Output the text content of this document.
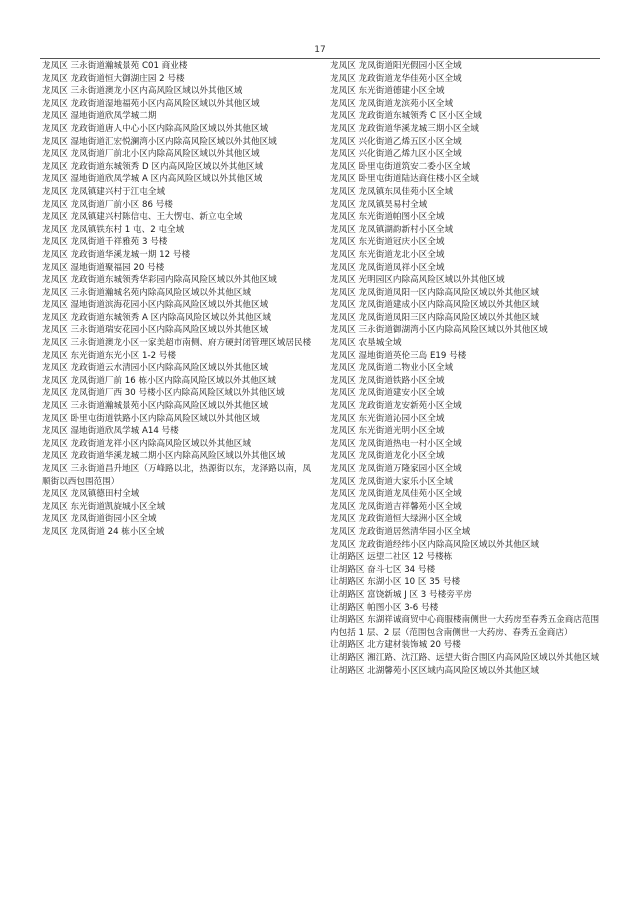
17

龙凤区 三永街道瀚城景苑 C01 商业楼

龙凤区 龙政街道恒大御湖庄园 2 号楼

龙凤区 三永街道澳龙小区内高风险区域以外其他区域

龙凤区 龙政街道湿地福苑小区内高风险区域以外其他区域

龙凤区 湿地街道欣凤学城二期

龙凤区 龙政街道唐人中心小区内除高风险区域以外其他区域

龙凤区 湿地街道汇宏悦澜湾小区内除高风险区域以外其他区域

龙凤区 龙凤街道厂前北小区内除高风险区域以外其他区域

龙凤区 龙政街道东城领秀 D 区内高风险区域以外其他区域

龙凤区 湿地街道欣凤学城 A 区内高风险区域以外其他区域

龙凤区 龙凤镇建兴村于江屯全域

龙凤区 龙凤街道厂前小区 86 号楼

龙凤区 龙凤镇建兴村陈信屯、王大愣屯、新立屯全域

龙凤区 龙凤镇铁东村 1 屯、2 屯全域

龙凤区 龙凤街道千祥雅苑 3 号楼

龙凤区 龙政街道华溪龙城一期 12 号楼

龙凤区 湿地街道聚福园 20 号楼

龙凤区 龙政街道东城领秀华彩园内除高风险区域以外其他区域

龙凤区 三永街道瀚城名苑内除高风险区域以外其他区域

龙凤区 湿地街道滨海花园小区内除高风险区域以外其他区域

龙凤区 龙政街道东城领秀 A 区内除高风险区域以外其他区域

龙凤区 三永街道瑞安花园小区内除高风险区域以外其他区域

龙凤区 三永街道澳龙小区一家美超市南侧、府方硬封闭管理区域居民楼

龙凤区 东光街道东光小区 1-2 号楼

龙凤区 龙政街道云水清园小区内除高风险区域以外其他区域

龙凤区 龙凤街道厂前 16 栋小区内除高风险区域以外其他区域

龙凤区 龙凤街道厂西 30 号楼小区内除高风险区域以外其他区域

龙凤区 三永街道瀚城景苑小区内除高风险区域以外其他区域

龙凤区 卧里屯街道铁路小区内除高风险区域以外其他区域

龙凤区 湿地街道欣凤学城 A14 号楼

龙凤区 龙政街道龙祥小区内除高风险区域以外其他区域

龙凤区 龙政街道华溪龙城二期小区内除高风险区域以外其他区域

龙凤区 三永街道昌升地区（万峰路以北，热源街以东，龙泽路以南，凤顺街以西包围范围）

龙凤区 龙凤镇德田村全域

龙凤区 东光街道凯旋城小区全域

龙凤区 龙凤街道街园小区全域

龙凤区 龙凤街道 24 栋小区全域

龙凤区 龙凤街道阳光假园小区全域

龙凤区 龙政街道龙华佳苑小区全域

龙凤区 东光街道德建小区全域

龙凤区 龙凤街道龙滨苑小区全域

龙凤区 龙政街道东城领秀 C 区小区全域

龙凤区 龙政街道华溪龙城三期小区全域

龙凤区 兴化街道乙烯五区小区全域

龙凤区 兴化街道乙烯九区小区全域

龙凤区 卧里屯街道筑安二委小区全域

龙凤区 卧里屯街道陆达商住楼小区全域

龙凤区 龙凤镇东凤佳苑小区全域

龙凤区 龙凤镇昊易村全域

龙凤区 东光街道帕图小区全域

龙凤区 龙凤镇湖韵新村小区全域

龙凤区 东光街道冠庆小区全域

龙凤区 东光街道龙北小区全域

龙凤区 龙凤街道凤祥小区全域

龙凤区 光明园区内除高风险区域以外其他区域

龙凤区 龙凤街道凤阳一区内除高风险区域以外其他区域

龙凤区 龙凤街道建成小区内除高风险区域以外其他区域

龙凤区 龙凤街道凤阳三区内除高风险区域以外其他区域

龙凤区 三永街道御湖湾小区内除高风险区域以外其他区域

龙凤区 农垦城全域

龙凤区 湿地街道英伦三岛 E19 号楼

龙凤区 龙凤街道二物业小区全域

龙凤区 龙凤街道铁路小区全域

龙凤区 龙凤街道建安小区全域

龙凤区 龙政街道龙安新苑小区全域

龙凤区 东光街道沁园小区全域

龙凤区 东光街道光明小区全域

龙凤区 龙凤街道热电一村小区全域

龙凤区 龙凤街道龙化小区全域

龙凤区 龙凤街道万隆家园小区全域

龙凤区 龙凤街道大家乐小区全域

龙凤区 龙凤街道龙凤佳苑小区全域

龙凤区 龙凤街道吉祥馨苑小区全域

龙凤区 龙政街道恒大绿洲小区全域

龙凤区 龙政街道居然清华园小区全域

龙凤区 龙政街道经纬小区内除高风险区域以外其他区域

让胡路区 远望二社区 12 号楼栋

让胡路区 奋斗七区 34 号楼

让胡路区 东湖小区 10 区 35 号楼

让胡路区 富饶新城 J 区 3 号楼旁平房

让胡路区 帕图小区 3-6 号楼

让胡路区 东湖祥诚商贸中心商服楼南侧世一大药房至春秀五金商店范围内包括 1 层、2 层（范围包含南侧世一大药房、春秀五金商店）

让胡路区 北方建材装饰城 20 号楼

让胡路区 湘江路、沈江路、远望大街合围区内高风险区域以外其他区域

让胡路区 北湖馨苑小区区域内高风险区域以外其他区域
